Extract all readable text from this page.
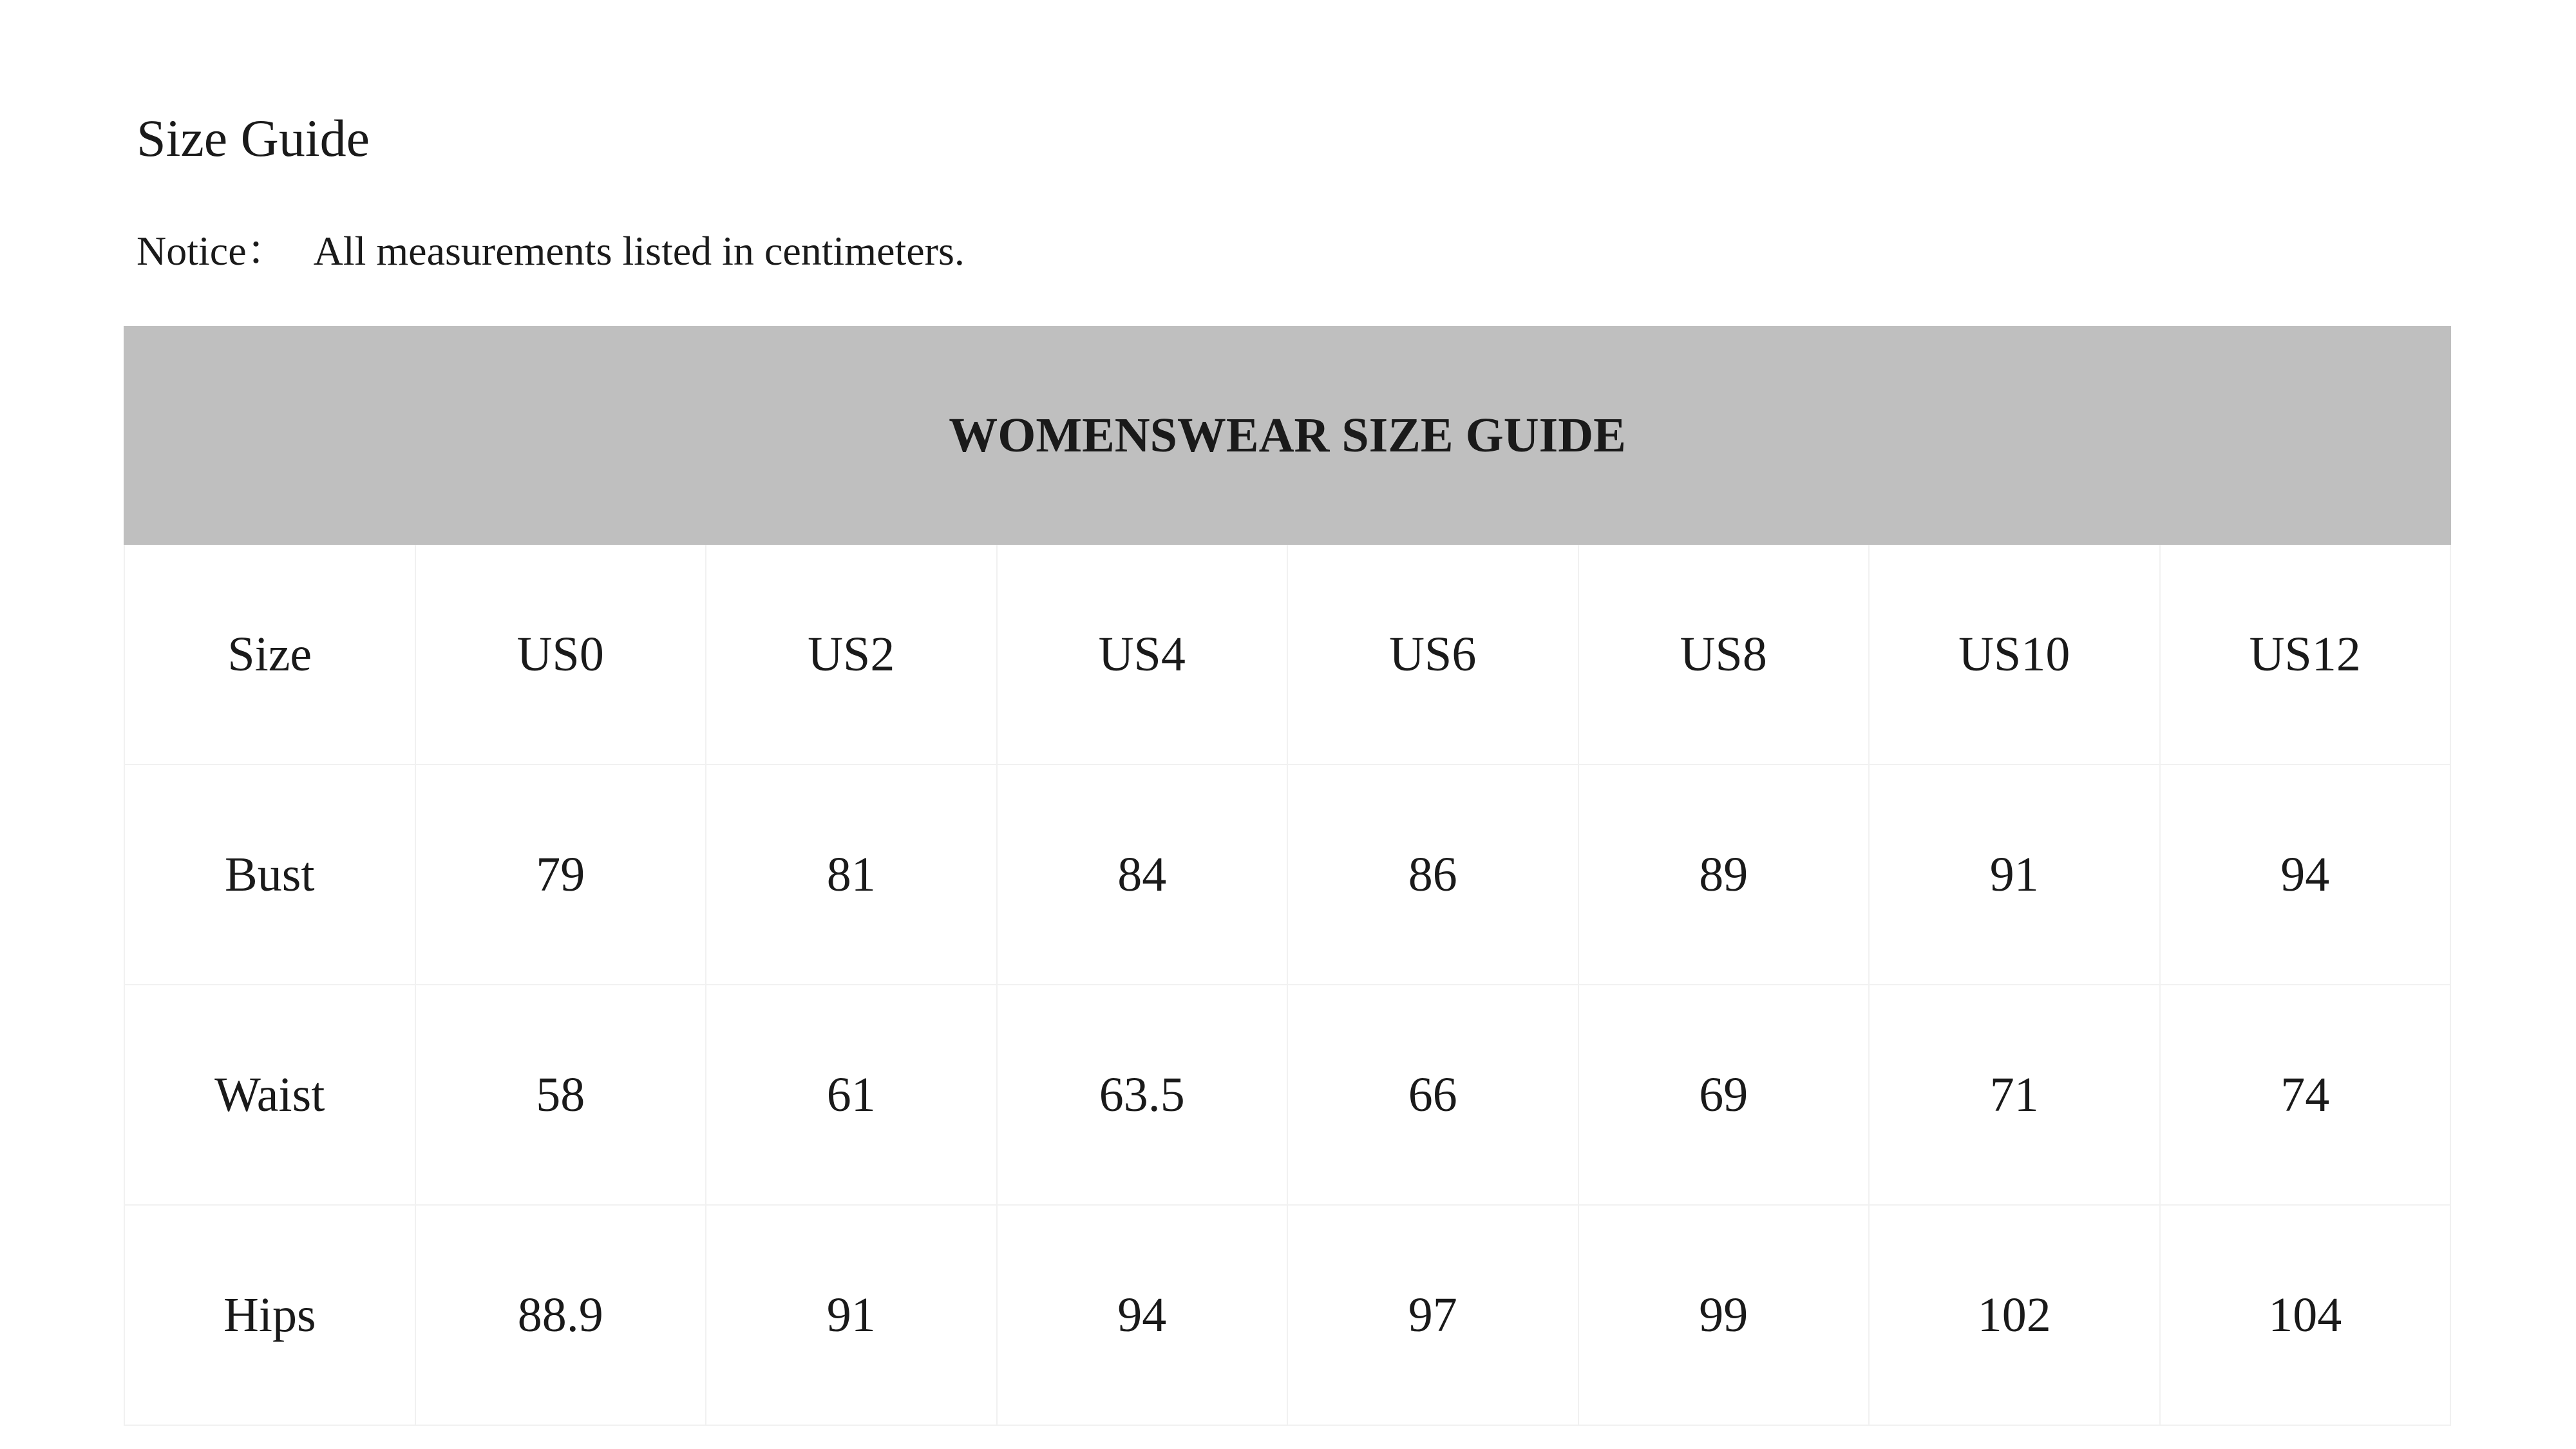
Size Guide
Notice： All measurements listed in centimeters.
WOMENSWEAR SIZE GUIDE
Size	US0	US2	US4	US6	US8	US10	US12
Bust	79	81	84	86	89	91	94
Waist	58	61	63.5	66	69	71	74
Hips	88.9	91	94	97	99	102	104
